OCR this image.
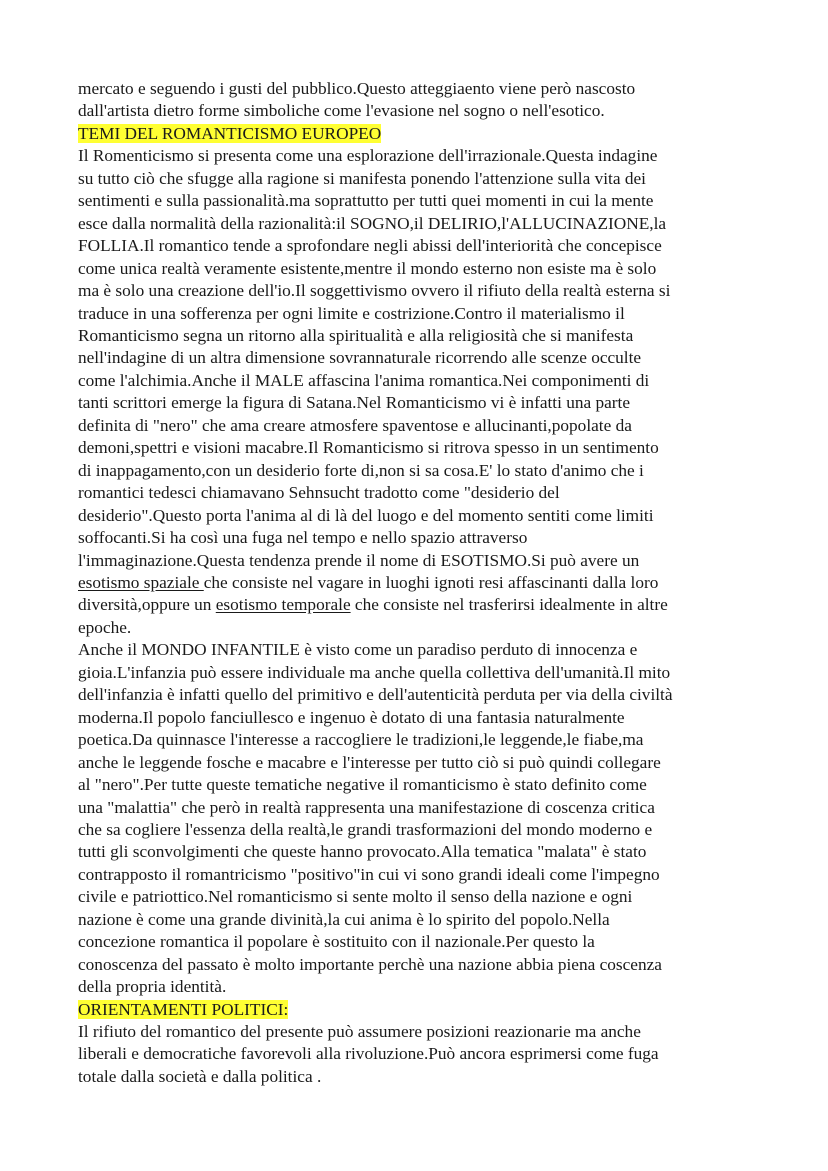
mercato e seguendo i gusti del pubblico.Questo atteggiaento viene però nascosto
dall'artista dietro forme simboliche come l'evasione nel sogno o nell'esotico.
TEMI DEL ROMANTICISMO EUROPEO
Il Romenticismo si presenta come una esplorazione dell'irrazionale.Questa indagine
su tutto ciò che sfugge alla ragione si manifesta ponendo l'attenzione sulla vita dei
sentimenti e sulla passionalità.ma soprattutto per tutti quei momenti in cui la mente
esce dalla normalità della razionalità:il SOGNO,il DELIRIO,l'ALLUCINAZIONE,la
FOLLIA.Il romantico tende a sprofondare negli abissi dell'interiorità che concepisce
come unica realtà veramente esistente,mentre il mondo esterno non esiste ma è solo
ma è solo una creazione dell'io.Il soggettivismo ovvero il rifiuto della realtà esterna si
traduce in una sofferenza per ogni limite e costrizione.Contro il materialismo il
Romanticismo segna un ritorno alla spiritualità e alla religiosità che si manifesta
nell'indagine di un altra dimensione sovrannaturale ricorrendo alle scenze occulte
come l'alchimia.Anche il MALE affascina l'anima romantica.Nei componimenti di
tanti scrittori emerge la figura di Satana.Nel Romanticismo vi è infatti una parte
definita di "nero" che ama creare atmosfere spaventose e allucinanti,popolate da
demoni,spettri e visioni macabre.Il Romanticismo si ritrova spesso in un sentimento
di inappagamento,con un desiderio forte di,non si sa cosa.E' lo stato d'animo che i
romantici tedesci chiamavano Sehnsucht tradotto come "desiderio del
desiderio".Questo porta l'anima al di là del luogo e del momento sentiti come limiti
soffocanti.Si ha così una fuga nel tempo e nello spazio attraverso
l'immaginazione.Questa tendenza prende il nome di ESOTISMO.Si può avere un
esotismo spaziale che consiste nel vagare in luoghi ignoti resi affascinanti dalla loro
diversità,oppure un esotismo temporale che consiste nel trasferirsi idealmente in altre
epoche.
Anche il MONDO INFANTILE è visto come un paradiso perduto di innocenza e
gioia.L'infanzia può essere individuale ma anche quella collettiva dell'umanità.Il mito
dell'infanzia è infatti quello del primitivo e dell'autenticità perduta per via della civiltà
moderna.Il popolo fanciullesco e ingenuo è dotato di una fantasia naturalmente
poetica.Da quinnasce l'interesse a raccogliere le tradizioni,le leggende,le fiabe,ma
anche le leggende fosche e macabre e l'interesse per tutto ciò si può quindi collegare
al "nero".Per tutte queste tematiche negative il romanticismo è stato definito come
una "malattia" che però in realtà rappresenta una manifestazione di coscenza critica
che sa cogliere l'essenza della realtà,le grandi trasformazioni del mondo moderno e
tutti gli sconvolgimenti che queste hanno provocato.Alla tematica "malata" è stato
contrapposto il romantricismo "positivo"in cui vi sono grandi ideali come l'impegno
civile e patriottico.Nel romanticismo si sente molto il senso della nazione e ogni
nazione è come una grande divinità,la cui anima è lo spirito del popolo.Nella
concezione romantica il popolare è sostituito con il nazionale.Per questo la
conoscenza del passato è molto importante perchè una nazione abbia piena coscenza
della propria identità.
ORIENTAMENTI POLITICI:
Il rifiuto del romantico del presente può assumere posizioni reazionarie ma anche
liberali e democratiche favorevoli alla rivoluzione.Può ancora esprimersi come fuga
totale dalla società e dalla politica .
